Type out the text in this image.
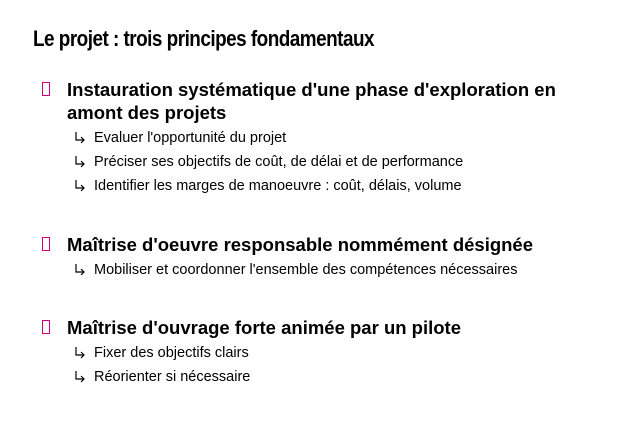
Le projet : trois principes fondamentaux
Instauration systématique d'une phase d'exploration en amont des projets
Evaluer l'opportunité du projet
Préciser ses objectifs de coût, de délai et de performance
Identifier les marges de manoeuvre : coût, délais, volume
Maîtrise d'oeuvre responsable nommément désignée
Mobiliser et coordonner l'ensemble des compétences nécessaires
Maîtrise d'ouvrage forte animée par un pilote
Fixer des objectifs clairs
Réorienter si nécessaire
